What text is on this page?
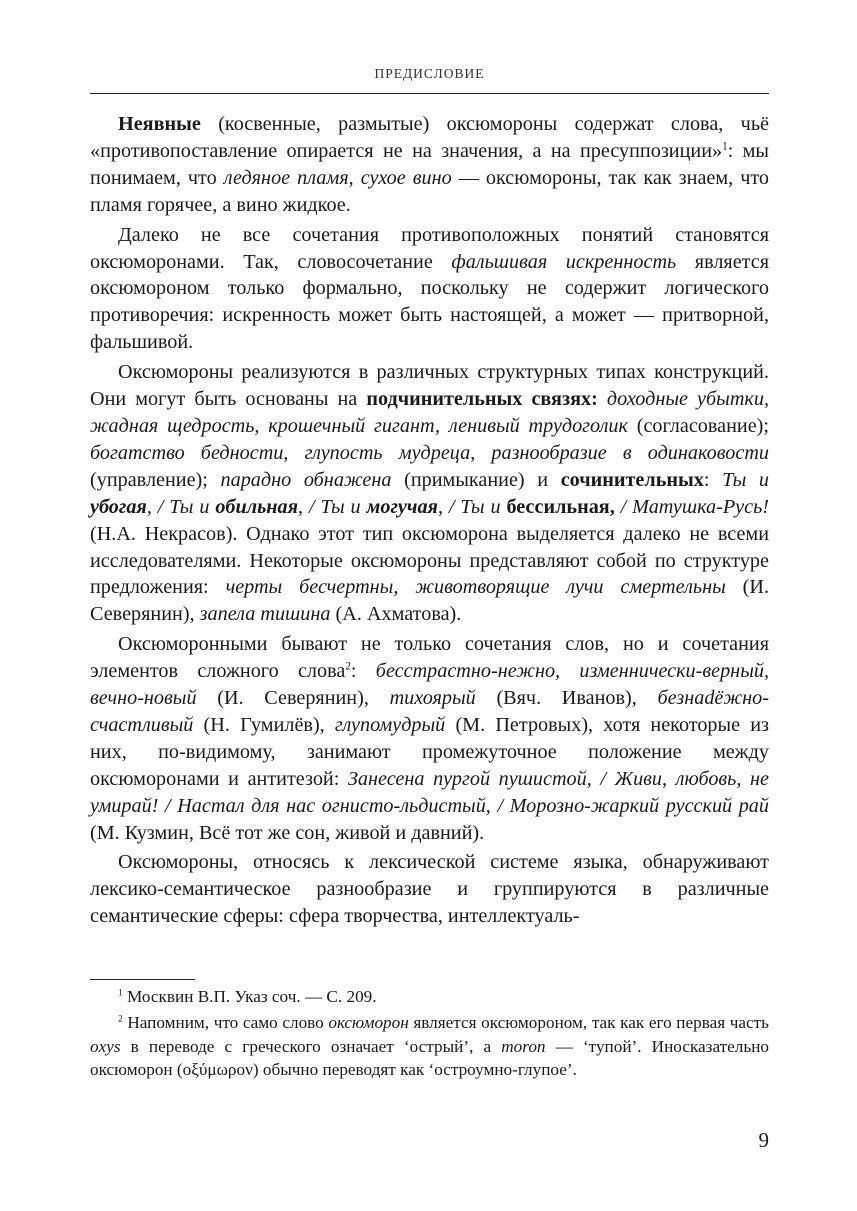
ПРЕДИСЛОВИЕ

Неявные (косвенные, размытые) оксюмороны содержат слова, чьё «противопоставление опирается не на значения, а на пресуппозиции»$^1$: мы понимаем, что ледяное пламя, сухое вино — оксюмороны, так как знаем, что пламя горячее, а вино жидкое.

Далеко не все сочетания противоположных понятий становятся оксюморонами. Так, словосочетание фальшивая искренность является оксюмороном только формально, поскольку не содержит логического противоречия: искренность может быть настоящей, а может — притворной, фальшивой.

Оксюмороны реализуются в различных структурных типах конструкций. Они могут быть основаны на подчинительных связях: доходные убытки, жадная щедрость, крошечный гигант, ленивый трудоголик (согласование); богатство бедности, глупость мудреца, разнообразие в одинаковости (управление); парадно обнажена (примыкание) и сочинительных: Ты и убогая, / Ты и обильная, / Ты и могучая, / Ты и бессильная, / Матушка-Русь! (Н.А. Некрасов). Однако этот тип оксюморона выделяется далеко не всеми исследователями. Некоторые оксюмороны представляют собой по структуре предложения: черты бесчертны, животворящие лучи смертельны (И. Северянин), запела тишина (А. Ахматова).

Оксюморонными бывают не только сочетания слов, но и сочетания элементов сложного слова$^2$: бесстрастно-нежно, изменнически-верный, вечно-новый (И. Северянин), тихоярый (Вяч. Иванов), безнаdёжно-счастливый (Н. Гумилёв), глупомудрый (М. Петровых), хотя некоторые из них, по-видимому, занимают промежуточное положение между оксюморонами и антитезой: Занесена пургой пушистой, / Живи, любовь, не умирай! / Настал для нас огнисто-льдистый, / Морозно-жаркий русский рай (М. Кузмин, Всё тот же сон, живой и давний).

Оксюмороны, относясь к лексической системе языка, обнаруживают лексико-семантическое разнообразие и группируются в различные семантические сферы: сфера творчества, интеллектуаль-

$^1$ Москвин В.П. Указ соч. — С. 209.

$^2$ Напомним, что само слово оксюморон является оксюмороном, так как его первая часть oxys в переводе с греческого означает ‘острый’, а moron — ‘тупой’. Иносказательно оксюморон (οξύμωρον) обычно переводят как ‘остроумно-глупое’.

9
